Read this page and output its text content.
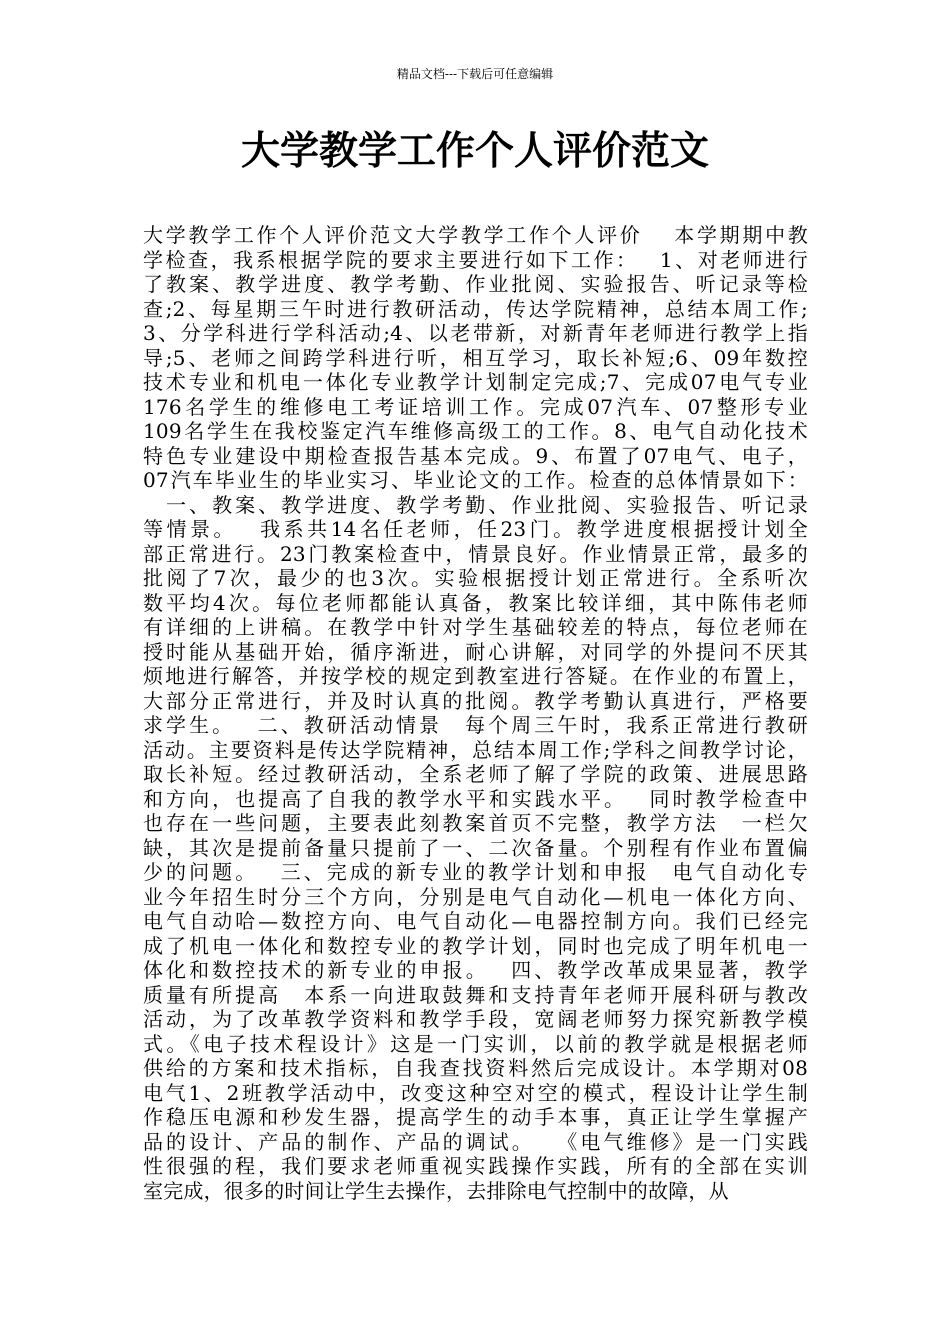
精品文档---下载后可任意编辑
大学教学工作个人评价范文
大学教学工作个人评价范文大学教学工作个人评价　 本学期期中教
学检查，我系根据学院的要求主要进行如下工作：　 1、对老师进行
了教案、教学进度、教学考勤、作业批阅、实验报告、听记录等检
查;2、每星期三午时进行教研活动，传达学院精神，总结本周工作;
3、分学科进行学科活动;4、以老带新，对新青年老师进行教学上指
导;5、老师之间跨学科进行听，相互学习，取长补短;6、09年数控
技术专业和机电一体化专业教学计划制定完成;7、完成07电气专业
176名学生的维修电工考证培训工作。完成07汽车、07整形专业
109名学生在我校鉴定汽车维修高级工的工作。8、电气自动化技术
特色专业建设中期检查报告基本完成。9、布置了07电气、电子，
07汽车毕业生的毕业实习、毕业论文的工作。检查的总体情景如下：
　一、教案、教学进度、教学考勤、作业批阅、实验报告、听记录
等情景。　 我系共14名任老师，任23门。教学进度根据授计划全
部正常进行。23门教案检查中，情景良好。作业情景正常，最多的
批阅了7次，最少的也3次。实验根据授计划正常进行。全系听次
数平均4次。每位老师都能认真备，教案比较详细，其中陈伟老师
有详细的上讲稿。在教学中针对学生基础较差的特点，每位老师在
授时能从基础开始，循序渐进，耐心讲解，对同学的外提问不厌其
烦地进行解答，并按学校的规定到教室进行答疑。在作业的布置上，
大部分正常进行，并及时认真的批阅。教学考勤认真进行，严格要
求学生。　 二、教研活动情景　每个周三午时，我系正常进行教研
活动。主要资料是传达学院精神，总结本周工作;学科之间教学讨论，
取长补短。经过教研活动，全系老师了解了学院的政策、进展思路
和方向，也提高了自我的教学水平和实践水平。　 同时教学检查中
也存在一些问题，主要表此刻教案首页不完整，教学方法　一栏欠
缺，其次是提前备量只提前了一、二次备量。个别程有作业布置偏
少的问题。　 三、完成的新专业的教学计划和申报　电气自动化专
业今年招生时分三个方向，分别是电气自动化—机电一体化方向、
电气自动哈—数控方向、电气自动化—电器控制方向。我们已经完
成了机电一体化和数控专业的教学计划，同时也完成了明年机电一
体化和数控技术的新专业的申报。　 四、教学改革成果显著，教学
质量有所提高　本系一向进取鼓舞和支持青年老师开展科研与教改
活动，为了改革教学资料和教学手段，宽阔老师努力探究新教学模
式。《电子技术程设计》这是一门实训，以前的教学就是根据老师
供给的方案和技术指标，自我查找资料然后完成设计。本学期对08
电气1、2班教学活动中，改变这种空对空的模式，程设计让学生制
作稳压电源和秒发生器，提高学生的动手本事，真正让学生掌握产
品的设计、产品的制作、产品的调试。　 《电气维修》是一门实践
性很强的程，我们要求老师重视实践操作实践，所有的全部在实训
室完成，很多的时间让学生去操作，去排除电气控制中的故障，从
